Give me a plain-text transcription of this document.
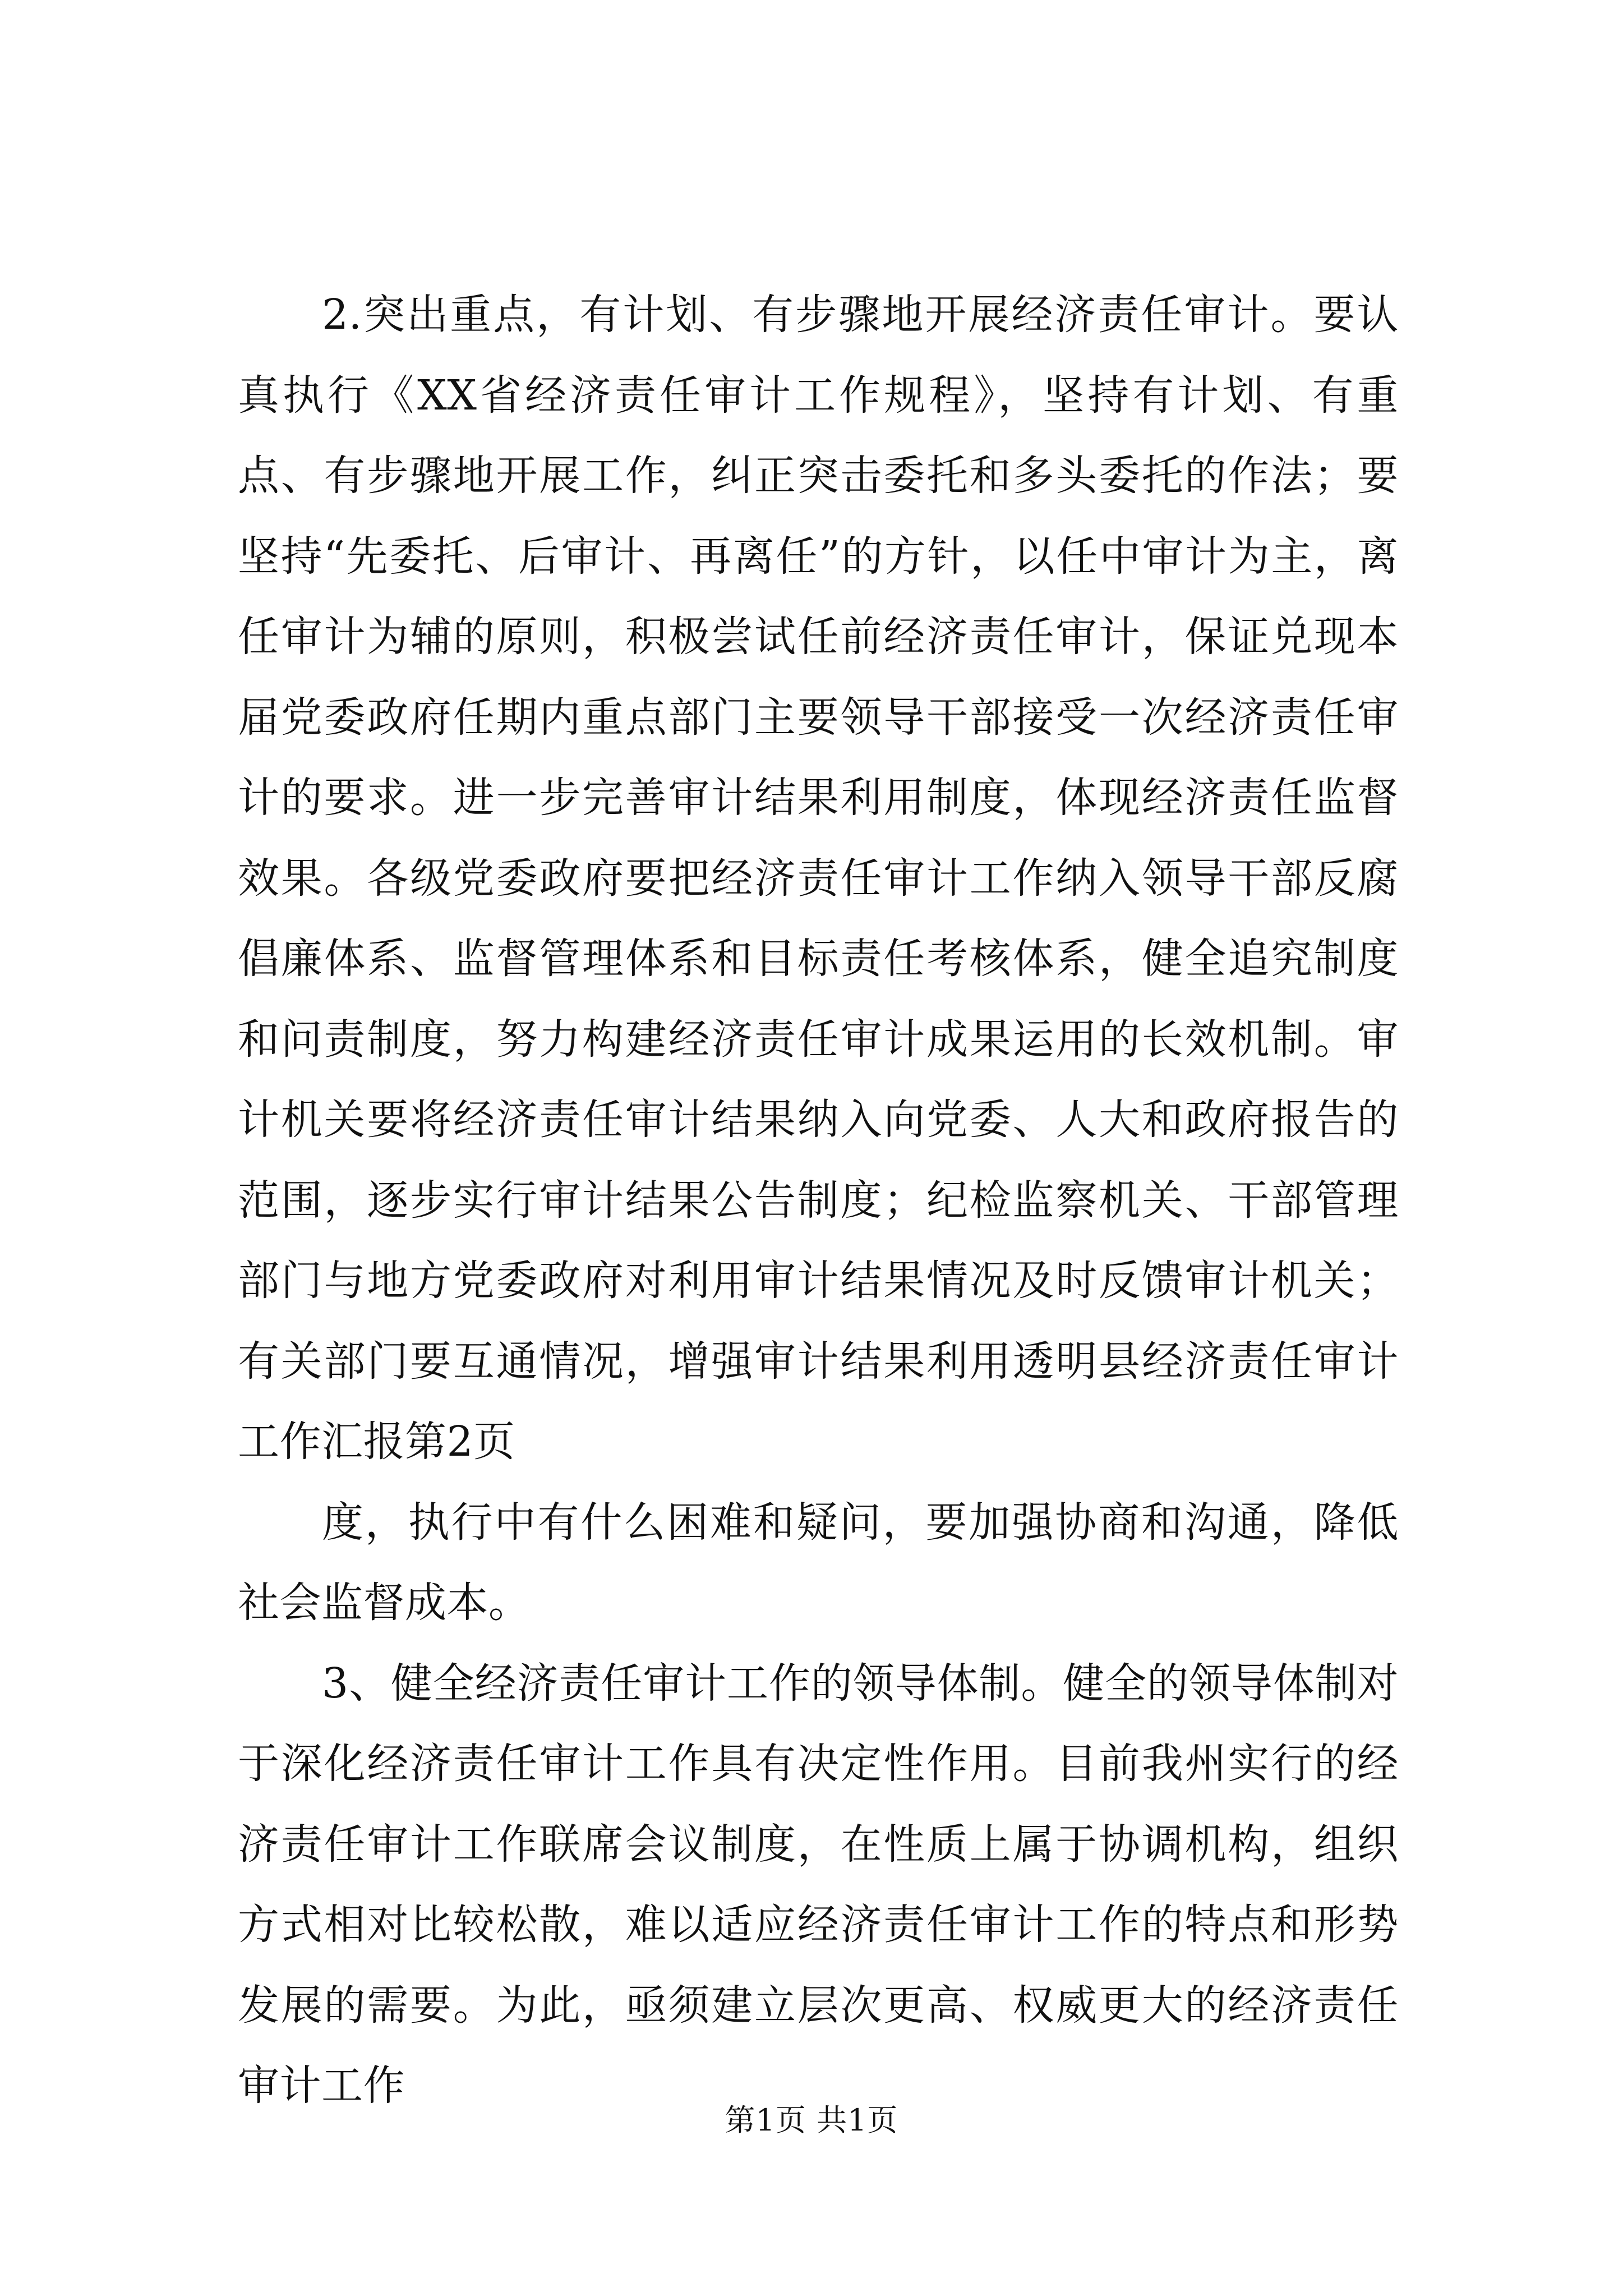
2.突出重点，有计划、有步骤地开展经济责任审计。要认真执行《XX省经济责任审计工作规程》，坚持有计划、有重点、有步骤地开展工作，纠正突击委托和多头委托的作法；要坚持“先委托、后审计、再离任”的方针，以任中审计为主，离任审计为辅的原则，积极尝试任前经济责任审计，保证兑现本届党委政府任期内重点部门主要领导干部接受一次经济责任审计的要求。进一步完善审计结果利用制度，体现经济责任监督效果。各级党委政府要把经济责任审计工作纳入领导干部反腐倡廉体系、监督管理体系和目标责任考核体系，健全追究制度和问责制度，努力构建经济责任审计成果运用的长效机制。审计机关要将经济责任审计结果纳入向党委、人大和政府报告的范围，逐步实行审计结果公告制度；纪检监察机关、干部管理部门与地方党委政府对利用审计结果情况及时反馈审计机关；有关部门要互通情况，增强审计结果利用透明县经济责任审计工作汇报第2页

度，执行中有什么困难和疑问，要加强协商和沟通，降低社会监督成本。

3、健全经济责任审计工作的领导体制。健全的领导体制对于深化经济责任审计工作具有决定性作用。目前我州实行的经济责任审计工作联席会议制度，在性质上属于协调机构，组织方式相对比较松散，难以适应经济责任审计工作的特点和形势发展的需要。为此，亟须建立层次更高、权威更大的经济责任审计工作

第1页 共1页
